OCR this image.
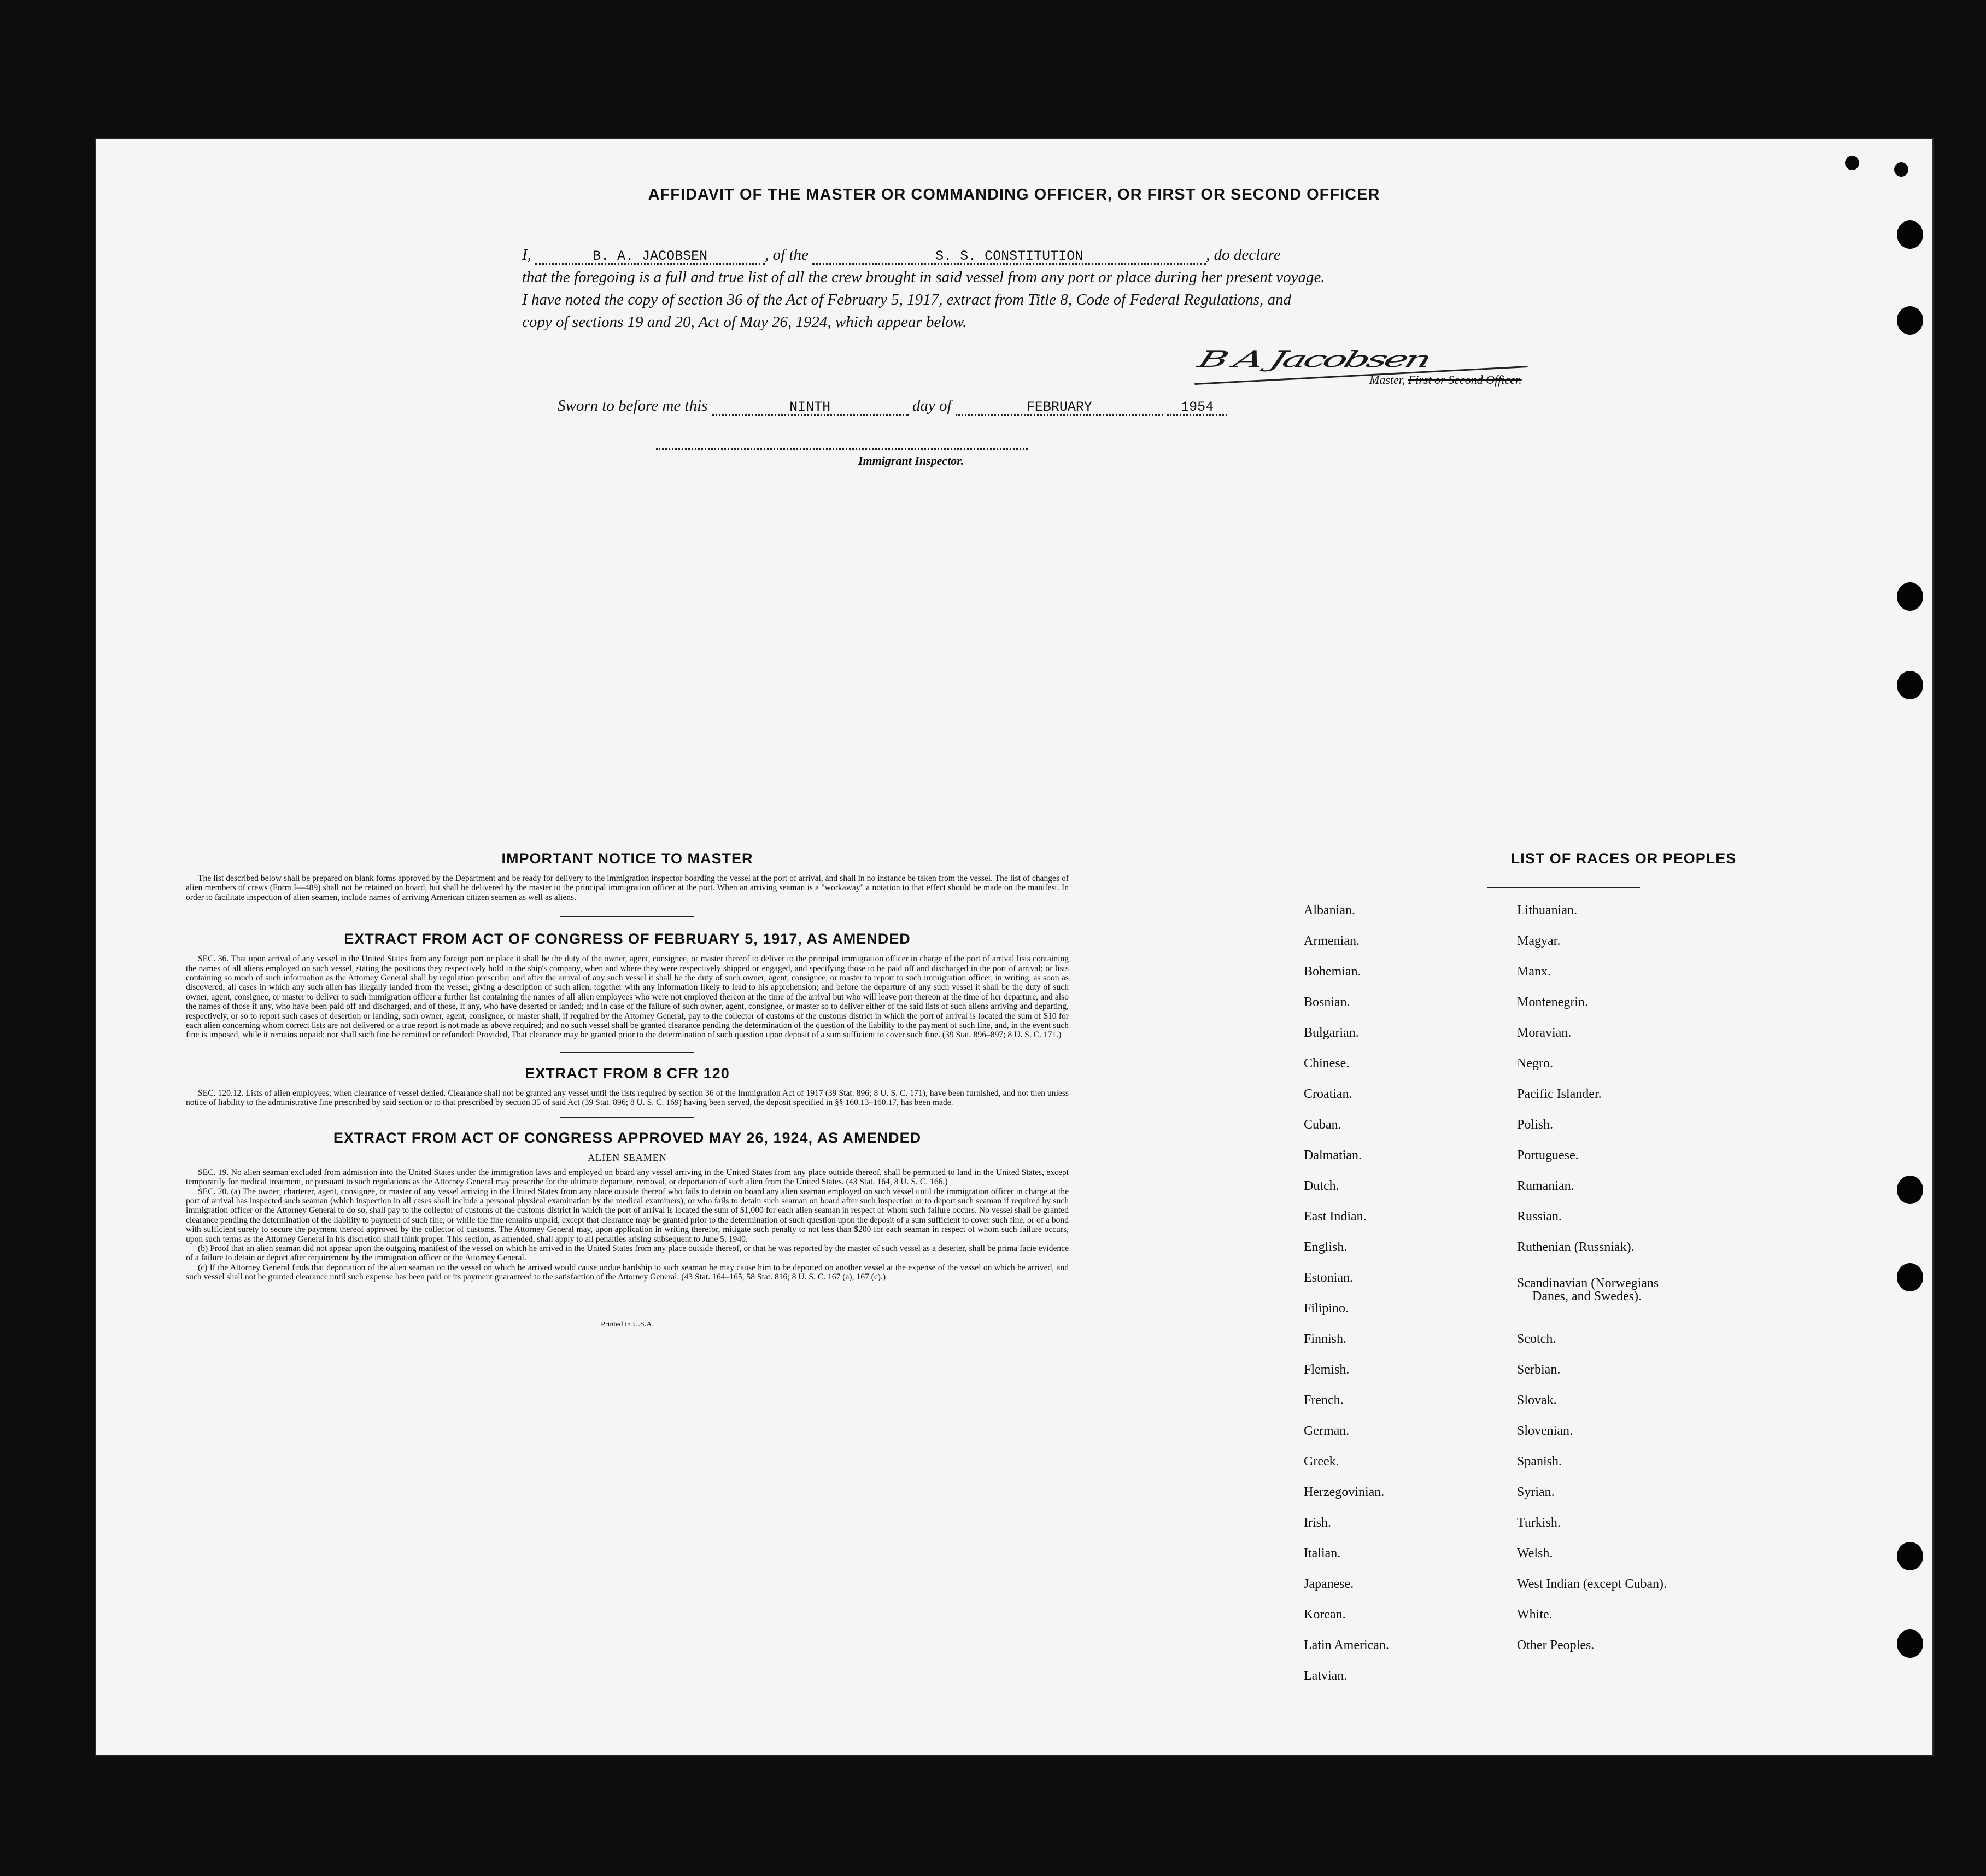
AFFIDAVIT OF THE MASTER OR COMMANDING OFFICER, OR FIRST OR SECOND OFFICER
I,	B. A. JACOBSEN	, of the	S. S. CONSTITUTION	, do declare
that the foregoing is a full and true list of all the crew brought in said vessel from any port or place during her present voyage.
I have noted the copy of section 36 of the Act of February 5, 1917, extract from Title 8, Code of Federal Regulations, and
copy of sections 19 and 20, Act of May 26, 1924, which appear below.
B A Jacobsen
Master, First or Second Officer.
Sworn to before me this	NINTH	day of	FEBRUARY	1954
Immigrant Inspector.
IMPORTANT NOTICE TO MASTER

The list described below shall be prepared on blank forms approved by the Department and be ready for delivery to the immigration inspector boarding the vessel at the port of arrival, and shall in no instance be taken from the vessel. The list of changes of alien members of crews (Form I—489) shall not be retained on board, but shall be delivered by the master to the principal immigration officer at the port. When an arriving seaman is a "workaway" a notation to that effect should be made on the manifest. In order to facilitate inspection of alien seamen, include names of arriving American citizen seamen as well as aliens.

EXTRACT FROM ACT OF CONGRESS OF FEBRUARY 5, 1917, AS AMENDED

SEC. 36. That upon arrival of any vessel in the United States from any foreign port or place it shall be the duty of the owner, agent, consignee, or master thereof to deliver to the principal immigration officer in charge of the port of arrival lists containing the names of all aliens employed on such vessel, stating the positions they respectively hold in the ship's company, when and where they were respectively shipped or engaged, and specifying those to be paid off and discharged in the port of arrival; or lists containing so much of such information as the Attorney General shall by regulation prescribe; and after the arrival of any such vessel it shall be the duty of such owner, agent, consignee, or master to report to such immigration officer, in writing, as soon as discovered, all cases in which any such alien has illegally landed from the vessel, giving a description of such alien, together with any information likely to lead to his apprehension; and before the departure of any such vessel it shall be the duty of such owner, agent, consignee, or master to deliver to such immigration officer a further list containing the names of all alien employees who were not employed thereon at the time of the arrival but who will leave port thereon at the time of her departure, and also the names of those if any, who have been paid off and discharged, and of those, if any, who have deserted or landed; and in case of the failure of such owner, agent, consignee, or master so to deliver either of the said lists of such aliens arriving and departing, respectively, or so to report such cases of desertion or landing, such owner, agent, consignee, or master shall, if required by the Attorney General, pay to the collector of customs of the customs district in which the port of arrival is located the sum of $10 for each alien concerning whom correct lists are not delivered or a true report is not made as above required; and no such vessel shall be granted clearance pending the determination of the question of the liability to the payment of such fine, and, in the event such fine is imposed, while it remains unpaid; nor shall such fine be remitted or refunded: Provided, That clearance may be granted prior to the determination of such question upon deposit of a sum sufficient to cover such fine. (39 Stat. 896–897; 8 U. S. C. 171.)

EXTRACT FROM 8 CFR 120

SEC. 120.12. Lists of alien employees; when clearance of vessel denied. Clearance shall not be granted any vessel until the lists required by section 36 of the Immigration Act of 1917 (39 Stat. 896; 8 U. S. C. 171), have been furnished, and not then unless notice of liability to the administrative fine prescribed by said section or to that prescribed by section 35 of said Act (39 Stat. 896; 8 U. S. C. 169) having been served, the deposit specified in §§ 160.13–160.17, has been made.

EXTRACT FROM ACT OF CONGRESS APPROVED MAY 26, 1924, AS AMENDED
ALIEN SEAMEN

SEC. 19. No alien seaman excluded from admission into the United States under the immigration laws and employed on board any vessel arriving in the United States from any place outside thereof, shall be permitted to land in the United States, except temporarily for medical treatment, or pursuant to such regulations as the Attorney General may prescribe for the ultimate departure, removal, or deportation of such alien from the United States. (43 Stat. 164, 8 U. S. C. 166.)

SEC. 20. (a) The owner, charterer, agent, consignee, or master of any vessel arriving in the United States from any place outside thereof who fails to detain on board any alien seaman employed on such vessel until the immigration officer in charge at the port of arrival has inspected such seaman (which inspection in all cases shall include a personal physical examination by the medical examiners), or who fails to detain such seaman on board after such inspection or to deport such seaman if required by such immigration officer or the Attorney General to do so, shall pay to the collector of customs of the customs district in which the port of arrival is located the sum of $1,000 for each alien seaman in respect of whom such failure occurs. No vessel shall be granted clearance pending the determination of the liability to payment of such fine, or while the fine remains unpaid, except that clearance may be granted prior to the determination of such question upon the deposit of a sum sufficient to cover such fine, or of a bond with sufficient surety to secure the payment thereof approved by the collector of customs. The Attorney General may, upon application in writing therefor, mitigate such penalty to not less than $200 for each seaman in respect of whom such failure occurs, upon such terms as the Attorney General in his discretion shall think proper. This section, as amended, shall apply to all penalties arising subsequent to June 5, 1940.

(b) Proof that an alien seaman did not appear upon the outgoing manifest of the vessel on which he arrived in the United States from any place outside thereof, or that he was reported by the master of such vessel as a deserter, shall be prima facie evidence of a failure to detain or deport after requirement by the immigration officer or the Attorney General.

(c) If the Attorney General finds that deportation of the alien seaman on the vessel on which he arrived would cause undue hardship to such seaman he may cause him to be deported on another vessel at the expense of the vessel on which he arrived, and such vessel shall not be granted clearance until such expense has been paid or its payment guaranteed to the satisfaction of the Attorney General. (43 Stat. 164–165, 58 Stat. 816; 8 U. S. C. 167 (a), 167 (c).)

Printed in U.S.A.
LIST OF RACES OR PEOPLES
Albanian.
Armenian.
Bohemian.
Bosnian.
Bulgarian.
Chinese.
Croatian.
Cuban.
Dalmatian.
Dutch.
East Indian.
English.
Estonian.
Filipino.
Finnish.
Flemish.
French.
German.
Greek.
Herzegovinian.
Irish.
Italian.
Japanese.
Korean.
Latin American.
Latvian.
Lithuanian.
Magyar.
Manx.
Montenegrin.
Moravian.
Negro.
Pacific Islander.
Polish.
Portuguese.
Rumanian.
Russian.
Ruthenian (Russniak).
Scandinavian (Norwegians
Danes, and Swedes).
Scotch.
Serbian.
Slovak.
Slovenian.
Spanish.
Syrian.
Turkish.
Welsh.
West Indian (except Cuban).
White.
Other Peoples.
